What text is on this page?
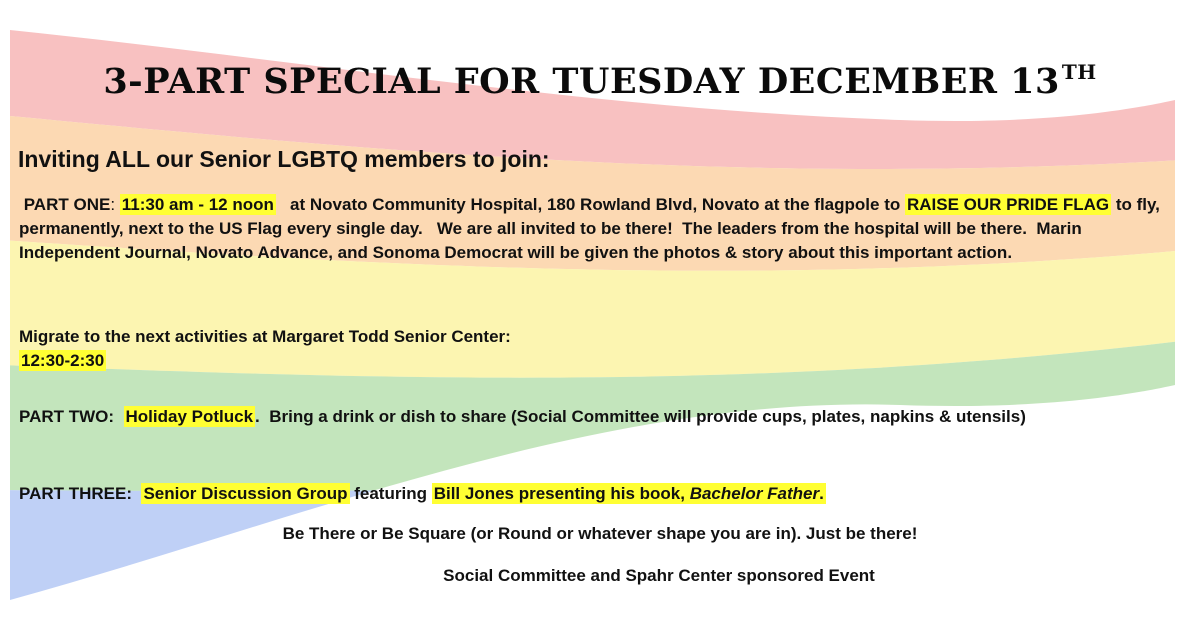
3-PART SPECIAL FOR TUESDAY DECEMBER 13 $^{TH}$
Inviting ALL our Senior LGBTQ members to join:
PART ONE: 11:30 am - 12 noon   at Novato Community Hospital, 180 Rowland Blvd, Novato at the flagpole to RAISE OUR PRIDE FLAG to fly, permanently, next to the US Flag every single day.   We are all invited to be there!  The leaders from the hospital will be there.  Marin Independent Journal, Novato Advance, and Sonoma Democrat will be given the photos & story about this important action.
Migrate to the next activities at Margaret Todd Senior Center:
12:30-2:30
PART TWO:  Holiday Potluck .  Bring a drink or dish to share (Social Committee will provide cups, plates, napkins & utensils)
PART THREE:  Senior Discussion Group featuring Bill Jones presenting his book, Bachelor Father.
Be There or Be Square (or Round or whatever shape you are in). Just be there!
Social Committee and Spahr Center sponsored Event
